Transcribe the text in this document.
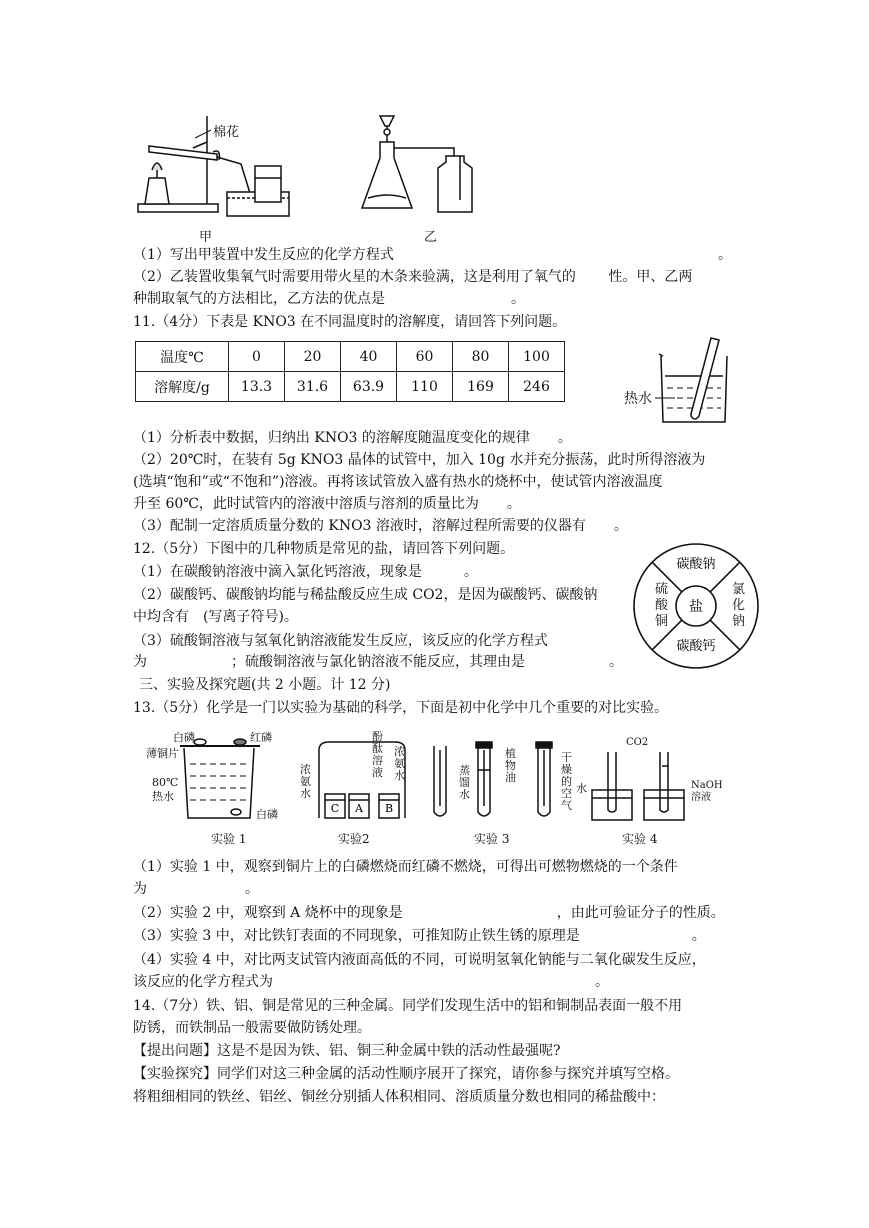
棉花
甲	乙
（1）写出甲装置中发生反应的化学方程式	。
（2）乙装置收集氧气时需要用带火星的木条来验满，这是利用了氧气的　　 性。甲、乙两
种制取氧气的方法相比，乙方法的优点是　　　　　　　　　。
11.（4分）下表是 KNO3 在不同温度时的溶解度，请回答下列问题。
温度℃	0	20	40	60	80	100
溶解度/g	13.3	31.6	63.9	110	169	246
热水
（1）分析表中数据，归纳出 KNO3 的溶解度随温度变化的规律　　。
（2）20℃时，在装有 5g KNO3 晶体的试管中，加入 10g 水并充分振荡，此时所得溶液为
(选填“饱和”或“不饱和”)溶液。再将该试管放入盛有热水的烧杯中，使试管内溶液温度
升至 60℃，此时试管内的溶液中溶质与溶剂的质量比为　　。
（3）配制一定溶质质量分数的 KNO3 溶液时，溶解过程所需要的仪器有　　。
12.（5分）下图中的几种物质是常见的盐，请回答下列问题。
（1）在碳酸钠溶液中滴入氯化钙溶液，现象是　　　。
（2）碳酸钙、碳酸钠均能与稀盐酸反应生成 CO2，是因为碳酸钙、碳酸钠
中均含有　(写离子符号)。
（3）硫酸铜溶液与氢氧化钠溶液能发生反应，该反应的化学方程式
为　　　　　　；硫酸铜溶液与氯化钠溶液不能反应，其理由是　　　　　　。
碳酸钠
碳酸钙
盐
硫酸铜
氯化钠
三、实验及探究题(共 2 小题。计 12 分)
13.（5分）化学是一门以实验为基础的科学，下面是初中化学中几个重要的对比实验。
白磷	红磷
薄铜片
80℃热水
白磷
实验 1
C A B
浓氨水
酚酞溶液
浓氨水
实验2
蒸馏水
植物油
干燥的空气
实验 3
CO2
水	NaOH溶液
实验 4
（1）实验 1 中，观察到铜片上的白磷燃烧而红磷不燃烧，可得出可燃物燃烧的一个条件
为　　　　　　　。
（2）实验 2 中，观察到 A 烧杯中的现象是　　　　　　　　　　　，由此可验证分子的性质。
（3）实验 3 中，对比铁钉表面的不同现象，可推知防止铁生锈的原理是　　　　　　　　。
（4）实验 4 中，对比两支试管内液面高低的不同，可说明氢氧化钠能与二氧化碳发生反应，
该反应的化学方程式为　　　　　　　　　　　　　　　　　　　　　　　。
14.（7分）铁、铝、铜是常见的三种金属。同学们发现生活中的铝和铜制品表面一般不用
防锈，而铁制品一般需要做防锈处理。
【提出问题】这是不是因为铁、铝、铜三种金属中铁的活动性最强呢?
【实验探究】同学们对这三种金属的活动性顺序展开了探究，请你参与探究并填写空格。
将粗细相同的铁丝、铝丝、铜丝分别插人体积相同、溶质质量分数也相同的稀盐酸中：
